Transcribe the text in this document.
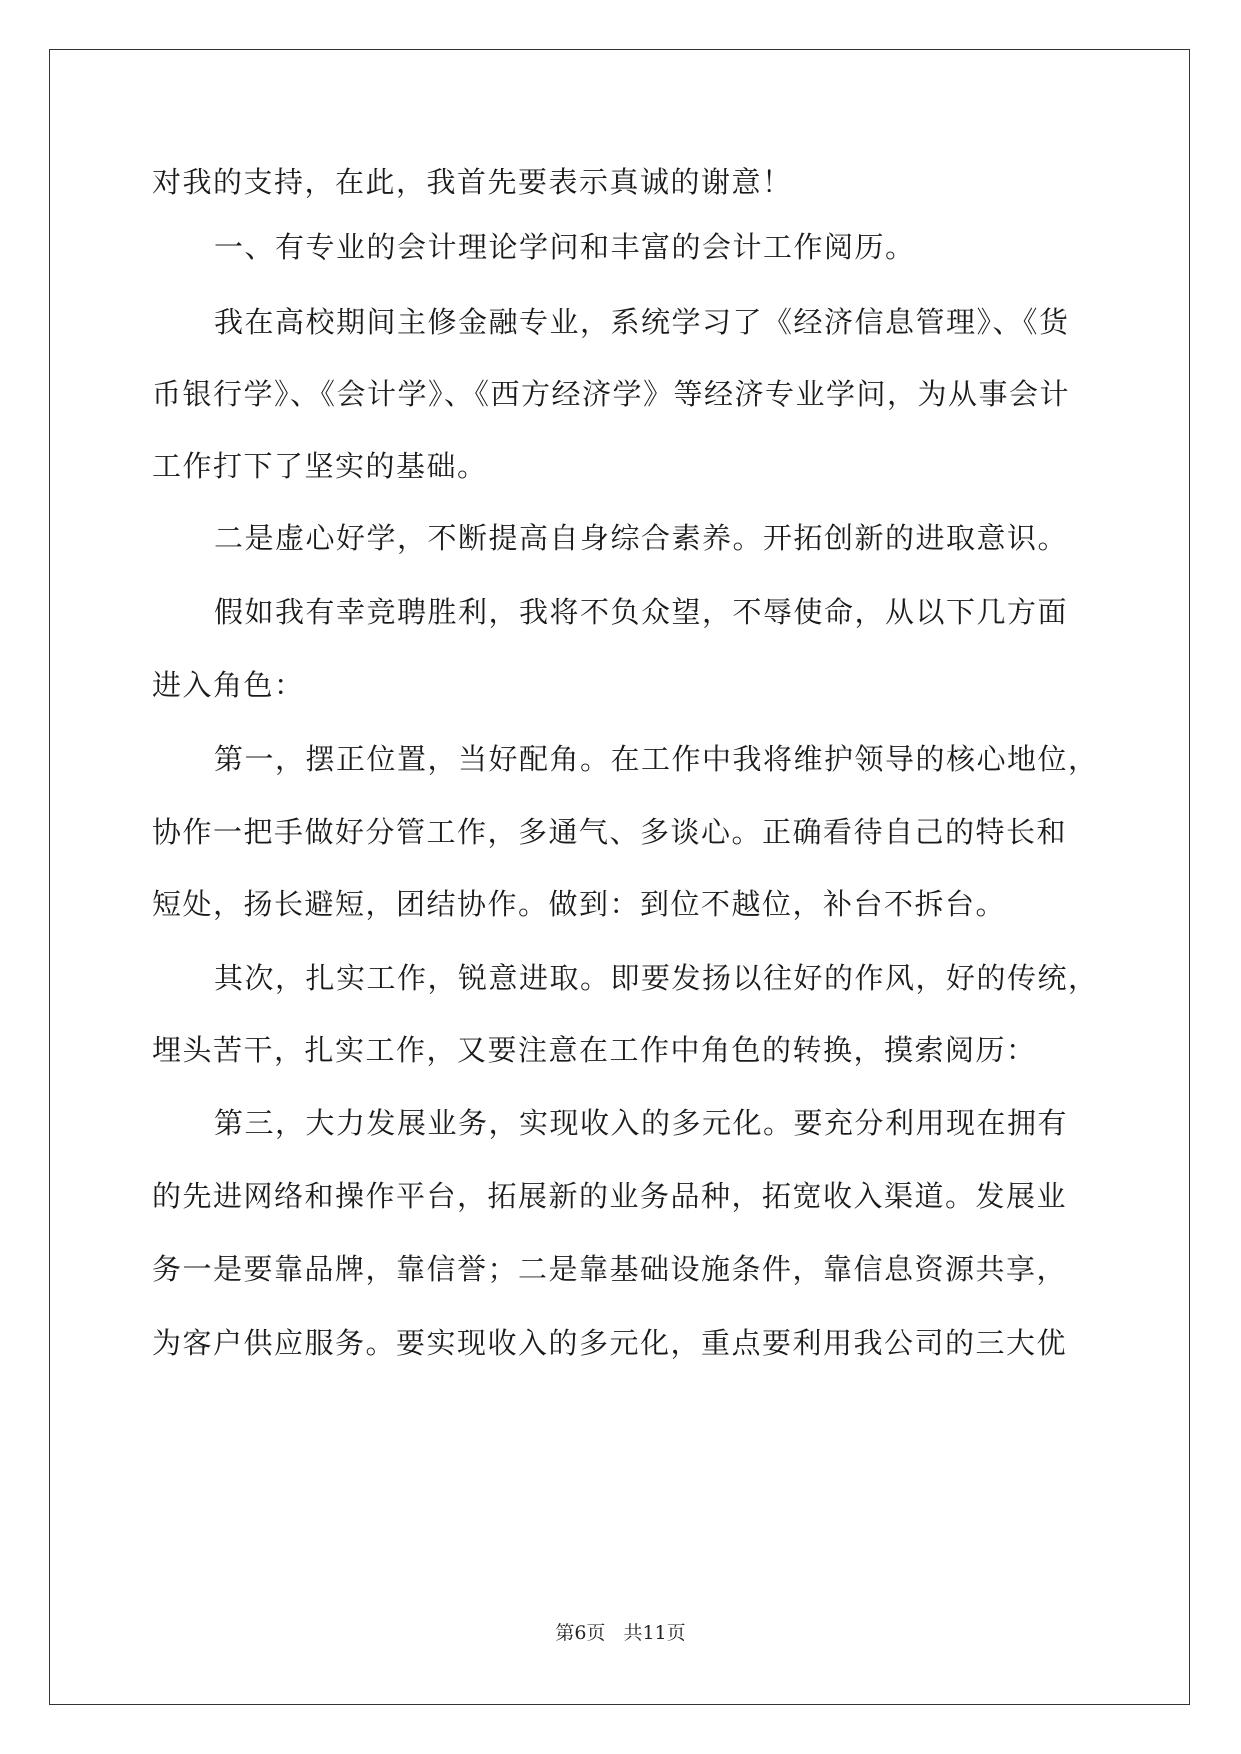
对我的支持，在此，我首先要表示真诚的谢意！
一、有专业的会计理论学问和丰富的会计工作阅历。
我在高校期间主修金融专业，系统学习了《经济信息管理》、《货
币银行学》、《会计学》、《西方经济学》等经济专业学问，为从事会计
工作打下了坚实的基础。
二是虚心好学，不断提高自身综合素养。开拓创新的进取意识。
假如我有幸竞聘胜利，我将不负众望，不辱使命，从以下几方面
进入角色：
第一，摆正位置，当好配角。在工作中我将维护领导的核心地位，
协作一把手做好分管工作，多通气、多谈心。正确看待自己的特长和
短处，扬长避短，团结协作。做到：到位不越位，补台不拆台。
其次，扎实工作，锐意进取。即要发扬以往好的作风，好的传统，
埋头苦干，扎实工作，又要注意在工作中角色的转换，摸索阅历：
第三，大力发展业务，实现收入的多元化。要充分利用现在拥有
的先进网络和操作平台，拓展新的业务品种，拓宽收入渠道。发展业
务一是要靠品牌，靠信誉；二是靠基础设施条件，靠信息资源共享，
为客户供应服务。要实现收入的多元化，重点要利用我公司的三大优
第6页 共11页
